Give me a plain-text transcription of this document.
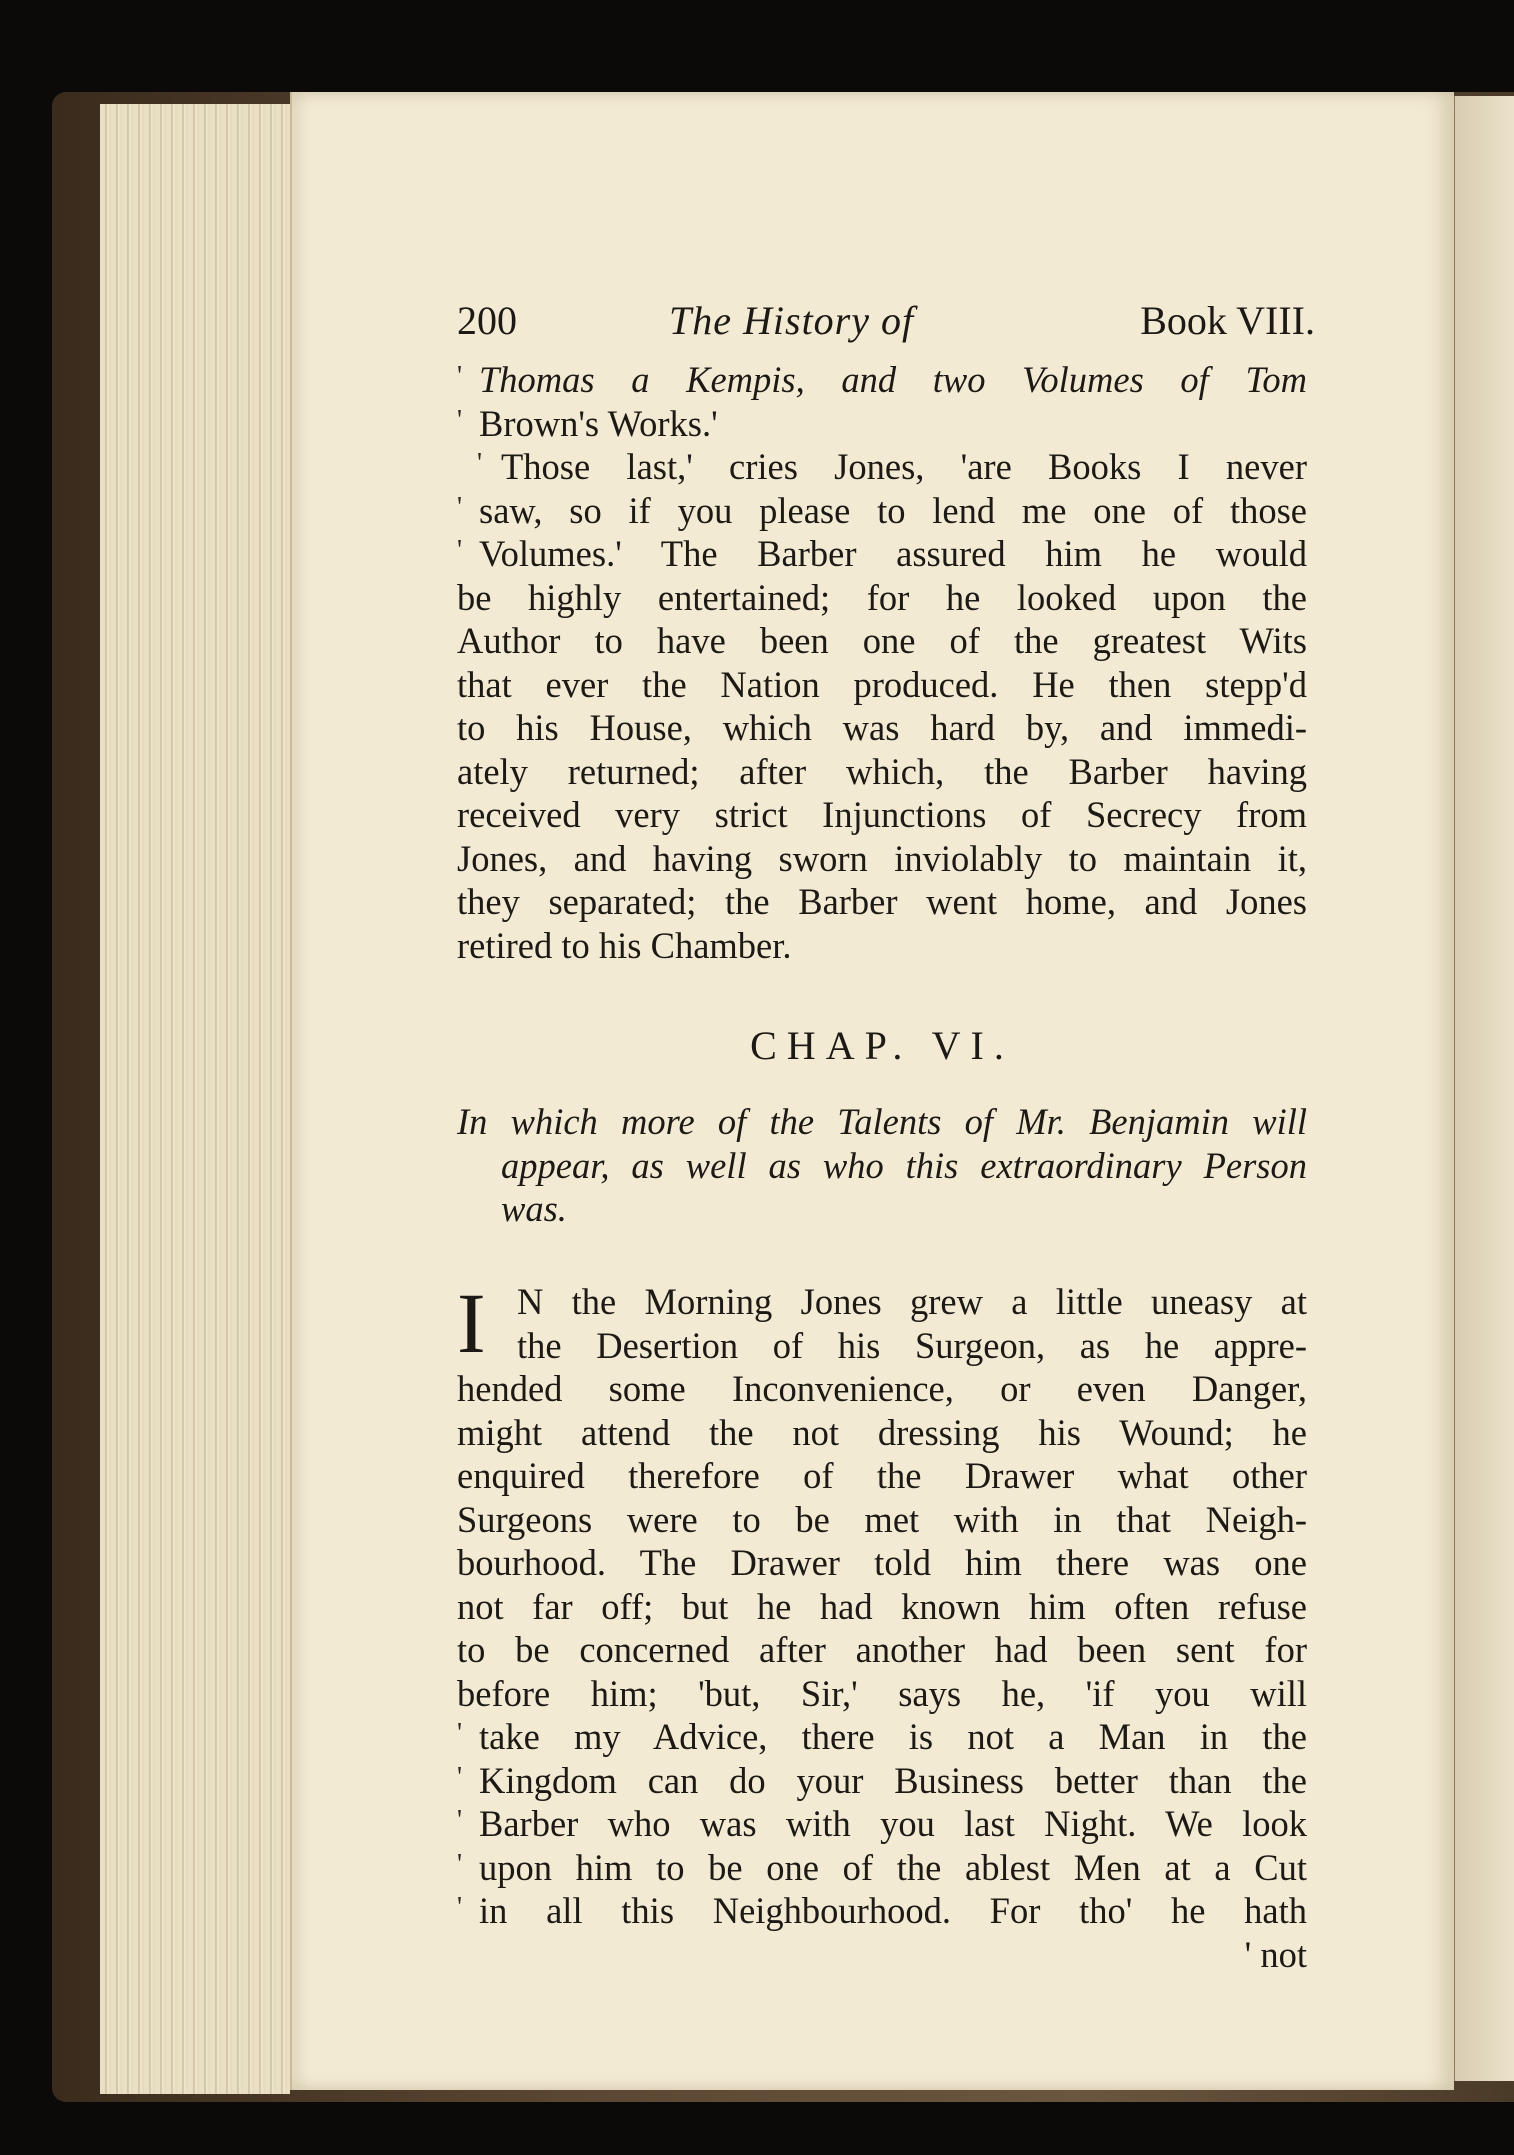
200	The History of	Book VIII.
' Thomas a Kempis, and two Volumes of Tom
' Brown's Works.'
' Those last,' cries Jones, 'are Books I never
' saw, so if you please to lend me one of those
' Volumes.' The Barber assured him he would
be highly entertained; for he looked upon the
Author to have been one of the greatest Wits
that ever the Nation produced. He then stepp'd
to his House, which was hard by, and immedi-
ately returned; after which, the Barber having
received very strict Injunctions of Secrecy from
Jones, and having sworn inviolably to maintain it,
they separated; the Barber went home, and Jones
retired to his Chamber.
CHAP. VI.
In which more of the Talents of Mr. Benjamin will
appear, as well as who this extraordinary Person
was.
I N the Morning Jones grew a little uneasy at
the Desertion of his Surgeon, as he appre-
hended some Inconvenience, or even Danger,
might attend the not dressing his Wound; he
enquired therefore of the Drawer what other
Surgeons were to be met with in that Neigh-
bourhood. The Drawer told him there was one
not far off; but he had known him often refuse
to be concerned after another had been sent for
before him; 'but, Sir,' says he, 'if you will
' take my Advice, there is not a Man in the
' Kingdom can do your Business better than the
' Barber who was with you last Night. We look
' upon him to be one of the ablest Men at a Cut
' in all this Neighbourhood. For tho' he hath
' not
